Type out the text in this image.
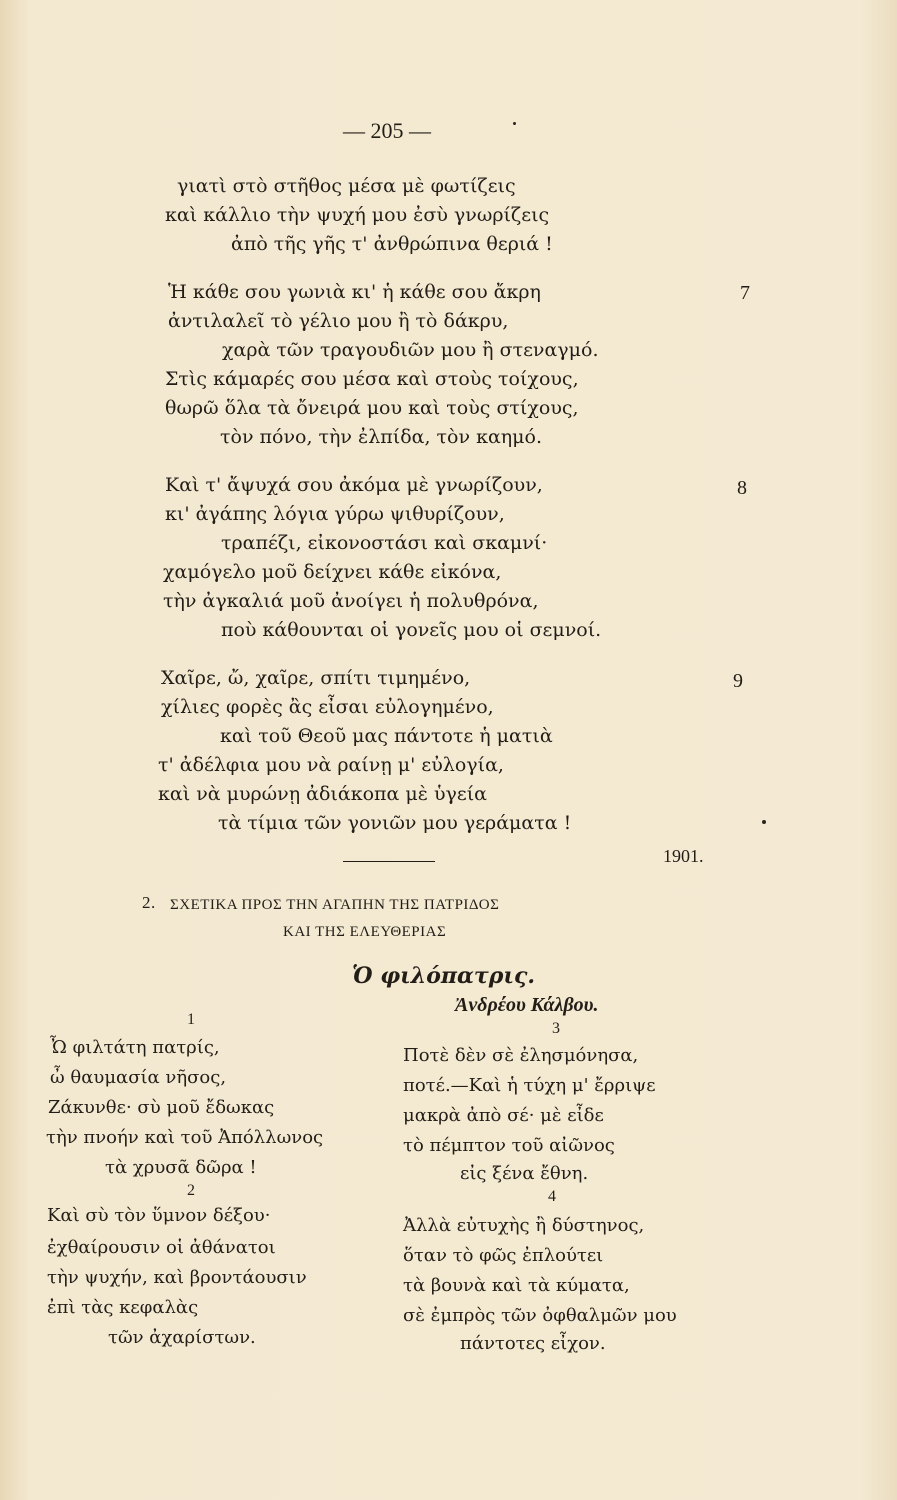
— 205 —
γιατὶ στὸ στῆθος μέσα μὲ φωτίζεις
καὶ κάλλιο τὴν ψυχή μου ἐσὺ γνωρίζεις
ἀπὸ τῆς γῆς τ' ἀνθρώπινα θεριά !
Ἡ κάθε σου γωνιὰ κι' ἡ κάθε σου ἄκρη
ἀντιλαλεῖ τὸ γέλιο μου ἢ τὸ δάκρυ,
χαρὰ τῶν τραγουδιῶν μου ἢ στεναγμό.
Στὶς κάμαρές σου μέσα καὶ στοὺς τοίχους,
θωρῶ ὅλα τὰ ὄνειρά μου καὶ τοὺς στίχους,
τὸν πόνο, τὴν ἐλπίδα, τὸν καημό.
7
Καὶ τ' ἄψυχά σου ἀκόμα μὲ γνωρίζουν,
κι' ἀγάπης λόγια γύρω ψιθυρίζουν,
τραπέζι, εἰκονοστάσι καὶ σκαμνί·
χαμόγελο μοῦ δείχνει κάθε εἰκόνα,
τὴν ἀγκαλιά μοῦ ἀνοίγει ἡ πολυθρόνα,
ποὺ κάθουνται οἱ γονεῖς μου οἱ σεμνοί.
8
Χαῖρε, ὤ, χαῖρε, σπίτι τιμημένο,
χίλιες φορὲς ἂς εἶσαι εὐλογημένο,
καὶ τοῦ Θεοῦ μας πάντοτε ἡ ματιὰ
τ' ἀδέλφια μου νὰ ραίνῃ μ' εὐλογία,
καὶ νὰ μυρώνῃ ἀδιάκοπα μὲ ὑγεία
τὰ τίμια τῶν γονιῶν μου γεράματα !
9
1901.
2. ΣΧΕΤΙΚΑ ΠΡΟΣ ΤΗΝ ΑΓΑΠΗΝ ΤΗΣ ΠΑΤΡΙΔΟΣ
ΚΑΙ ΤΗΣ ΕΛΕΥΘΕΡΙΑΣ
Ὁ φιλόπατρις.
Ἀνδρέου Κάλβου.
1
Ὦ φιλτάτη πατρίς,
ὦ θαυμασία νῆσος,
Ζάκυνθε· σὺ μοῦ ἔδωκας
τὴν πνοήν καὶ τοῦ Ἀπόλλωνος
τὰ χρυσᾶ δῶρα !
2
Καὶ σὺ τὸν ὕμνον δέξου·
ἐχθαίρουσιν οἱ ἀθάνατοι
τὴν ψυχήν, καὶ βροντάουσιν
ἐπὶ τὰς κεφαλὰς
τῶν ἀχαρίστων.
3
Ποτὲ δὲν σὲ ἐλησμόνησα,
ποτέ.—Καὶ ἡ τύχη μ' ἔρριψε
μακρὰ ἀπὸ σέ· μὲ εἶδε
τὸ πέμπτον τοῦ αἰῶνος
εἰς ξένα ἔθνη.
4
Ἀλλὰ εὐτυχὴς ἢ δύστηνος,
ὅταν τὸ φῶς ἐπλούτει
τὰ βουνὰ καὶ τὰ κύματα,
σὲ ἐμπρὸς τῶν ὀφθαλμῶν μου
πάντοτες εἶχον.
